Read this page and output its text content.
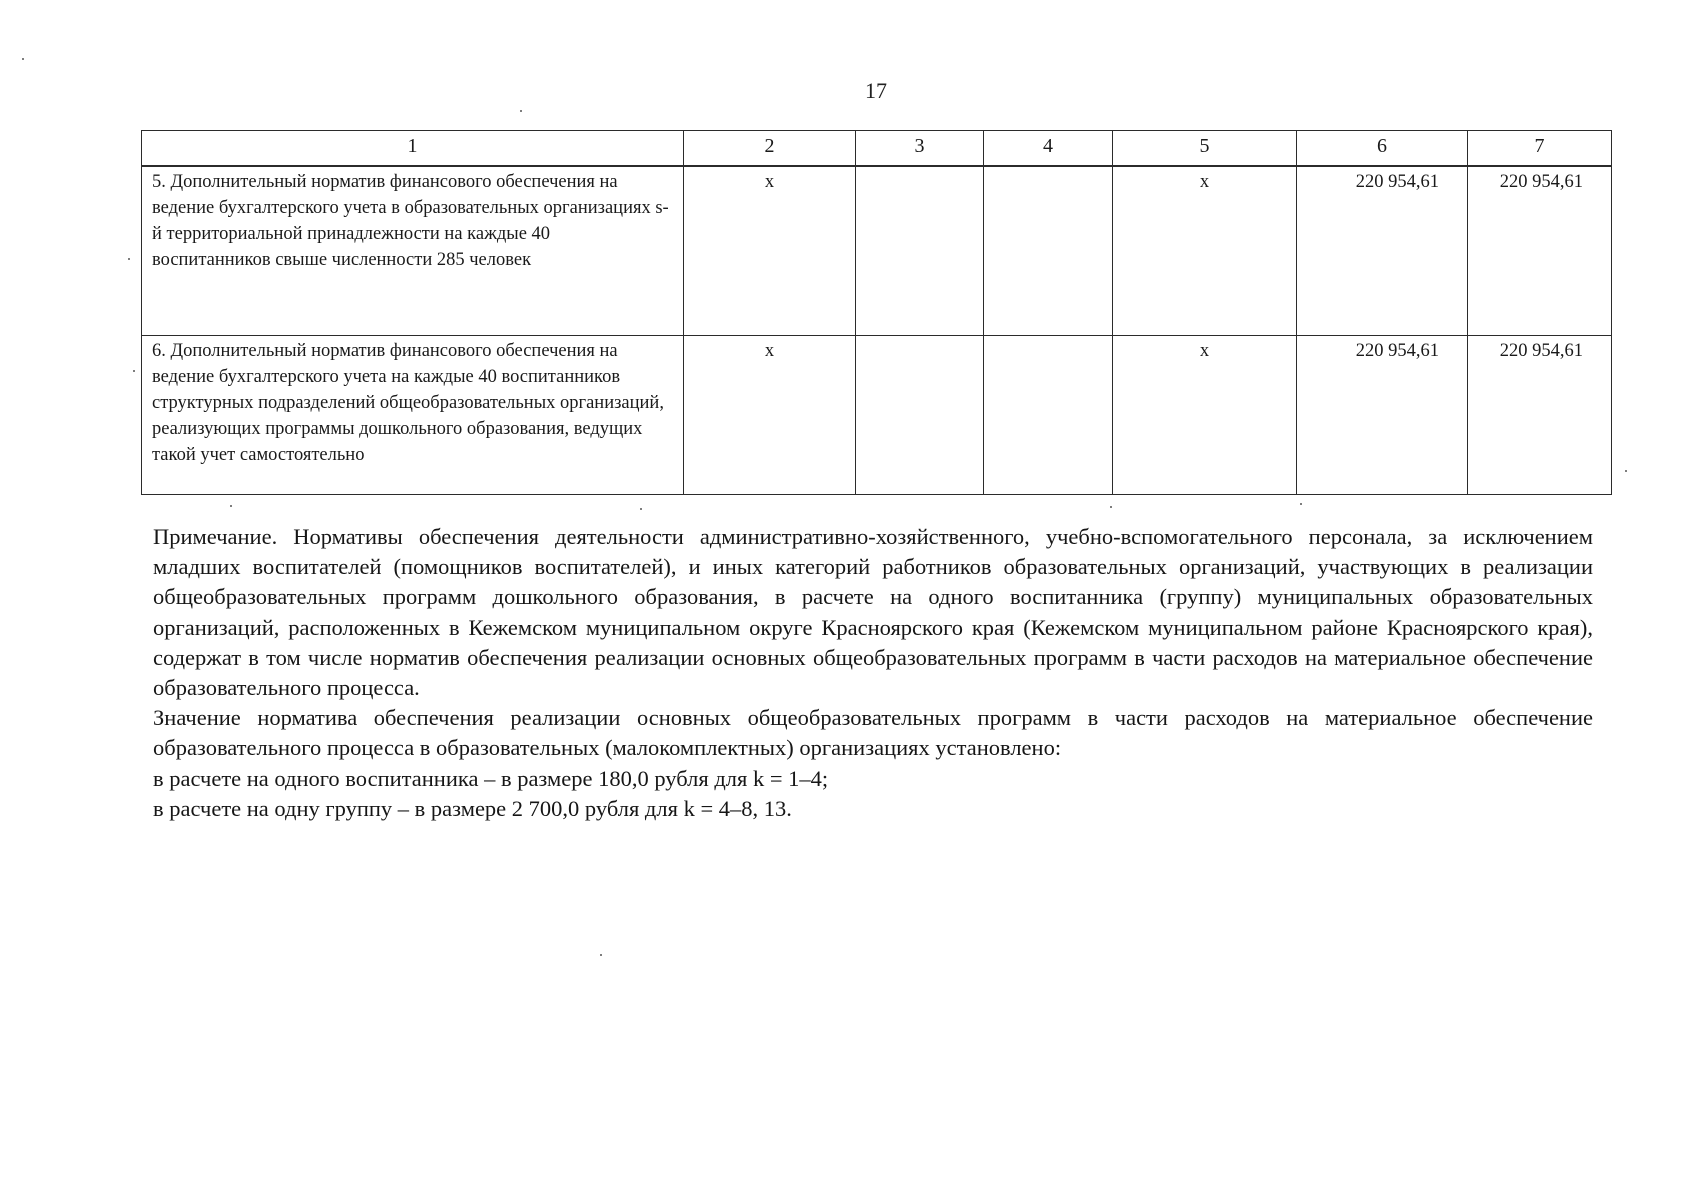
17
1	2	3	4	5	6	7
5. Дополнительный норматив финансового обеспечения на ведение бухгалтерского учета в образовательных организациях s-й территориальной принадлежности на каждые 40 воспитанников свыше численности 285 человек	x			x	220 954,61	220 954,61
6. Дополнительный норматив финансового обеспечения на ведение бухгалтерского учета на каждые 40 воспитанников структурных подразделений общеобразовательных организаций, реализующих программы дошкольного образования, ведущих такой учет самостоятельно	x			x	220 954,61	220 954,61

Примечание. Нормативы обеспечения деятельности административно-хозяйственного, учебно-вспомогательного персонала, за исключением младших воспитателей (помощников воспитателей), и иных категорий работников образовательных организаций, участвующих в реализации общеобразовательных программ дошкольного образования, в расчете на одного воспитанника (группу) муниципальных образовательных организаций, расположенных в Кежемском муниципальном округе Красноярского края (Кежемском муниципальном районе Красноярского края), содержат в том числе норматив обеспечения реализации основных общеобразовательных программ в части расходов на материальное обеспечение образовательного процесса.

Значение норматива обеспечения реализации основных общеобразовательных программ в части расходов на материальное обеспечение образовательного процесса в образовательных (малокомплектных) организациях установлено:

в расчете на одного воспитанника – в размере 180,0 рубля для k = 1–4;

в расчете на одну группу – в размере 2 700,0 рубля для k = 4–8, 13.
